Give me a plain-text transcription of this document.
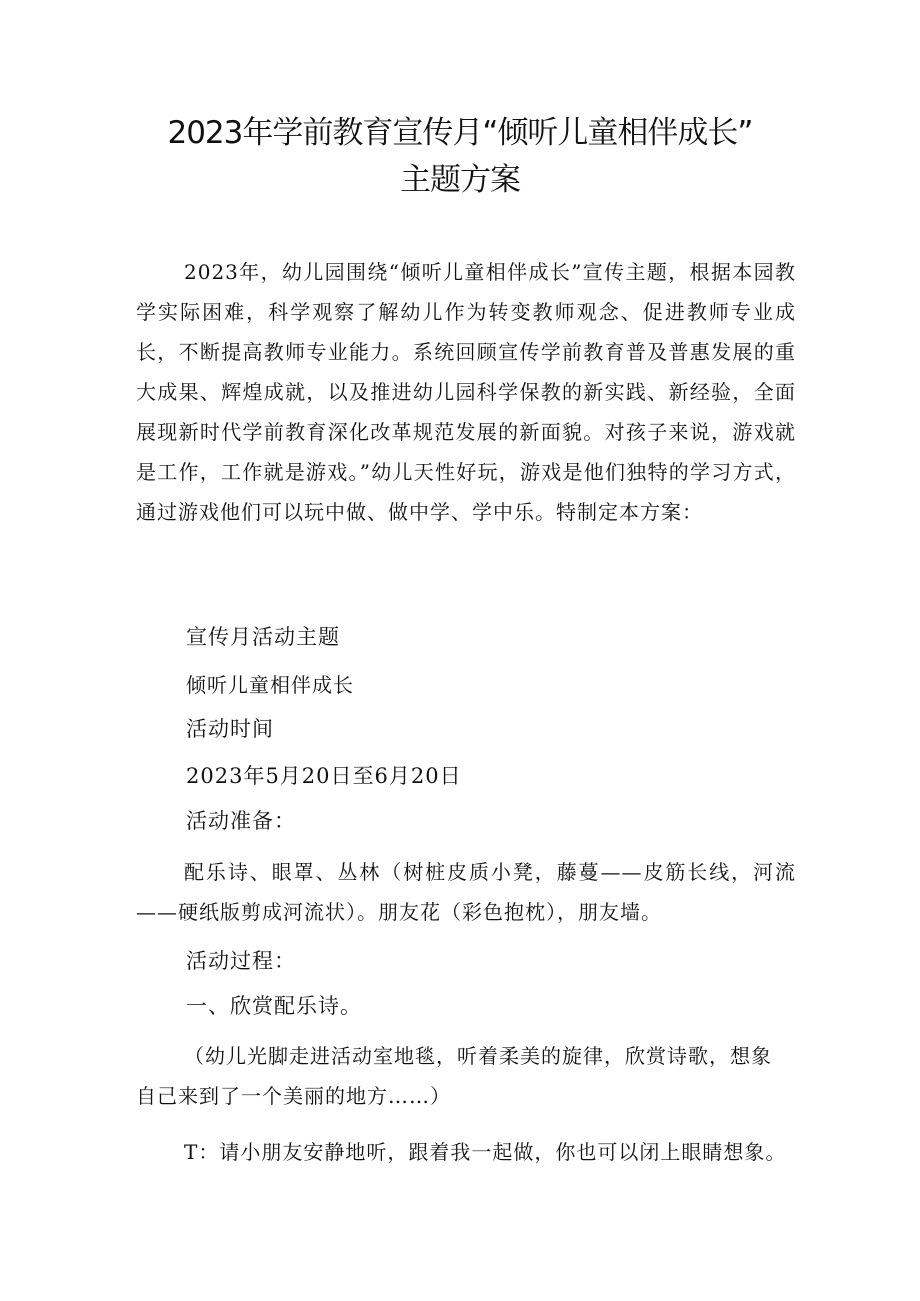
2023年学前教育宣传月“倾听儿童相伴成长”
主题方案
2023年，幼儿园围绕“倾听儿童相伴成长”宣传主题，根据本园教学实际困难，科学观察了解幼儿作为转变教师观念、促进教师专业成长，不断提高教师专业能力。系统回顾宣传学前教育普及普惠发展的重大成果、辉煌成就，以及推进幼儿园科学保教的新实践、新经验，全面展现新时代学前教育深化改革规范发展的新面貌。对孩子来说，游戏就是工作，工作就是游戏。”幼儿天性好玩，游戏是他们独特的学习方式，通过游戏他们可以玩中做、做中学、学中乐。特制定本方案：
宣传月活动主题
倾听儿童相伴成长
活动时间
2023年5月20日至6月20日
活动准备：
配乐诗、眼罩、丛林（树桩皮质小凳，藤蔓——皮筋长线，河流——硬纸版剪成河流状）。朋友花（彩色抱枕），朋友墙。
活动过程：
一、欣赏配乐诗。
（幼儿光脚走进活动室地毯，听着柔美的旋律，欣赏诗歌，想象自己来到了一个美丽的地方……）
T：请小朋友安静地听，跟着我一起做，你也可以闭上眼睛想象。
